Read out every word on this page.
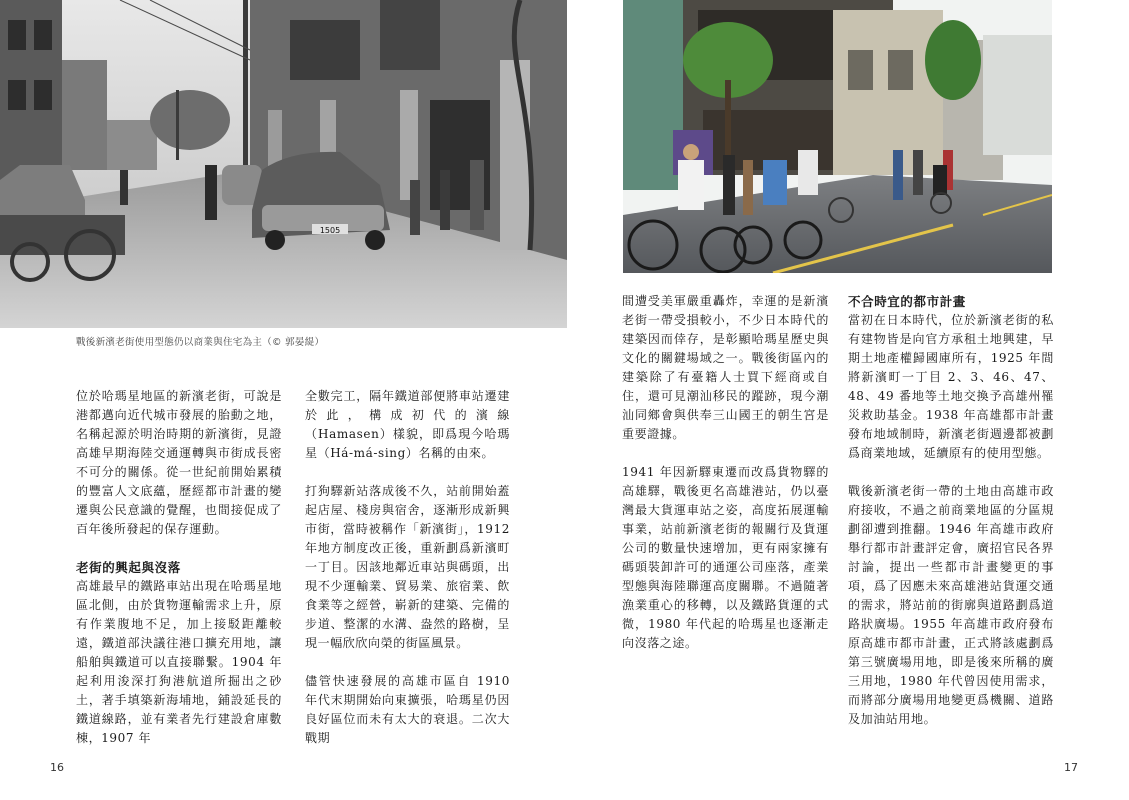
1505
戰後新濱老街使用型態仍以商業與住宅為主（© 郭晏緹）

位於哈瑪星地區的新濱老街，可說是港都邁向近代城市發展的胎動之地，名稱起源於明治時期的新濱街，見證高雄早期海陸交通運轉與市街成長密不可分的關係。從一世紀前開始累積的豐富人文底蘊，歷經都市計畫的變遷與公民意識的覺醒，也間接促成了百年後所發起的保存運動。

老街的興起與沒落

高雄最早的鐵路車站出現在哈瑪星地區北側，由於貨物運輸需求上升，原有作業腹地不足，加上接駁距離較遠，鐵道部決議往港口擴充用地，讓船舶與鐵道可以直接聯繫。1904 年起利用浚深打狗港航道所掘出之砂土，著手填築新海埔地，鋪設延長的鐵道線路，並有業者先行建設倉庫數棟，1907 年

全數完工，隔年鐵道部便將車站遷建於此，構成初代的濱線（Hamasen）樣貌，即爲現今哈瑪星（Há-má-sing）名稱的由來。

打狗驛新站落成後不久，站前開始蓋起店屋、棧房與宿舍，逐漸形成新興市街，當時被稱作「新濱街」，1912 年地方制度改正後，重新劃爲新濱町一丁目。因該地鄰近車站與碼頭，出現不少運輸業、貿易業、旅宿業、飲食業等之經營，嶄新的建築、完備的步道、整潔的水溝、盎然的路樹，呈現一幅欣欣向榮的街區風景。

儘管快速發展的高雄市區自 1910 年代末期開始向東擴張，哈瑪星仍因良好區位而未有太大的衰退。二次大戰期

間遭受美軍嚴重轟炸，幸運的是新濱老街一帶受損較小，不少日本時代的建築因而倖存，是彰顯哈瑪星歷史與文化的關鍵場域之一。戰後街區內的建築除了有臺籍人士買下經商或自住，還可見潮汕移民的蹤跡，現今潮汕同鄉會與供奉三山國王的朝生宮是重要證據。

1941 年因新驛東遷而改爲貨物驛的高雄驛，戰後更名高雄港站，仍以臺灣最大貨運車站之姿，高度拓展運輸事業，站前新濱老街的報關行及貨運公司的數量快速增加，更有兩家擁有碼頭裝卸許可的通運公司座落，產業型態與海陸聯運高度關聯。不過隨著漁業重心的移轉，以及鐵路貨運的式微，1980 年代起的哈瑪星也逐漸走向沒落之途。

不合時宜的都市計畫

當初在日本時代，位於新濱老街的私有建物皆是向官方承租土地興建，早期土地產權歸國庫所有，1925 年間將新濱町一丁目 2、3、46、47、48、49 番地等土地交換予高雄州罹災救助基金。1938 年高雄都市計畫發布地域制時，新濱老街週邊都被劃爲商業地域，延續原有的使用型態。

戰後新濱老街一帶的土地由高雄市政府接收，不過之前商業地區的分區規劃卻遭到推翻。1946 年高雄市政府舉行都市計畫評定會，廣招官民各界討論，提出一些都市計畫變更的事項，爲了因應未來高雄港站貨運交通的需求，將站前的街廓與道路劃爲道路狀廣場。1955 年高雄市政府發布原高雄市都市計畫，正式將該處劃爲第三號廣場用地，即是後來所稱的廣三用地，1980 年代曾因使用需求，而將部分廣場用地變更爲機關、道路及加油站用地。

16	17
